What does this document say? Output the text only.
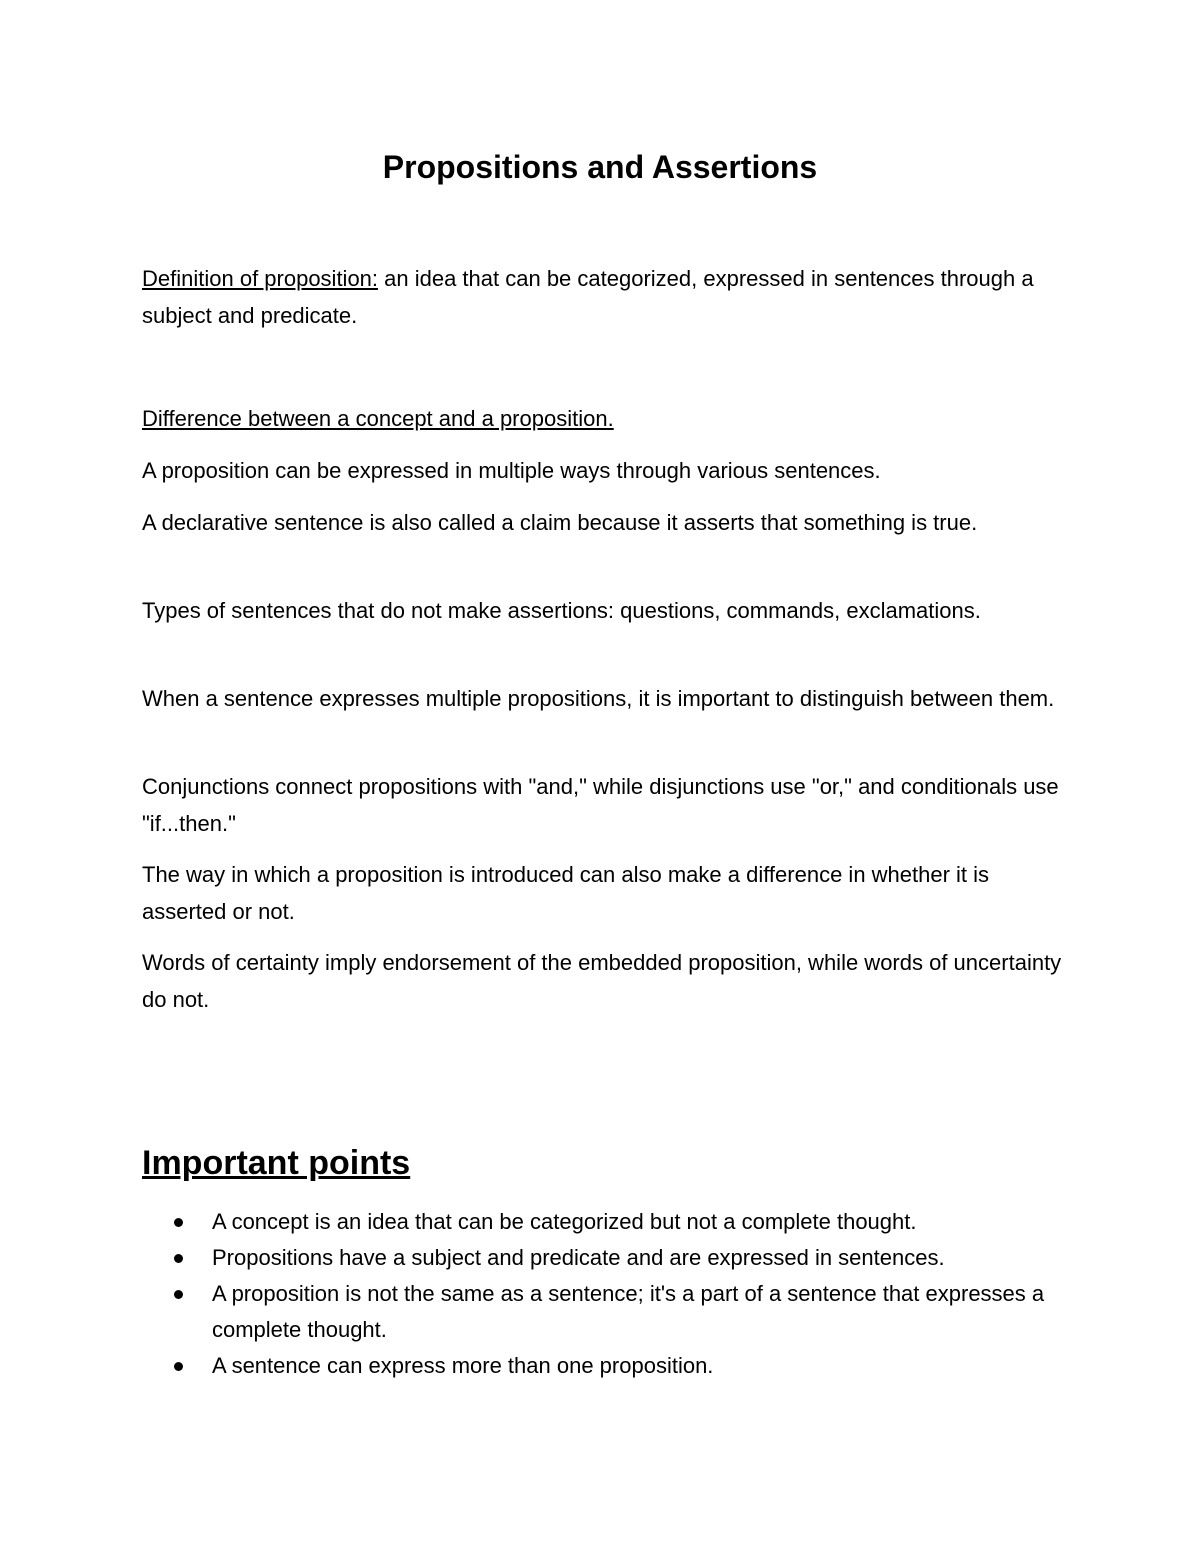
Propositions and Assertions

Definition of proposition: an idea that can be categorized, expressed in sentences through a subject and predicate.

Difference between a concept and a proposition.

A proposition can be expressed in multiple ways through various sentences.

A declarative sentence is also called a claim because it asserts that something is true.

Types of sentences that do not make assertions: questions, commands, exclamations.

When a sentence expresses multiple propositions, it is important to distinguish between them.

Conjunctions connect propositions with "and," while disjunctions use "or," and conditionals use "if...then."

The way in which a proposition is introduced can also make a difference in whether it is asserted or not.

Words of certainty imply endorsement of the embedded proposition, while words of uncertainty do not.

Important points
A concept is an idea that can be categorized but not a complete thought.
Propositions have a subject and predicate and are expressed in sentences.
A proposition is not the same as a sentence; it's a part of a sentence that expresses a complete thought.
A sentence can express more than one proposition.
